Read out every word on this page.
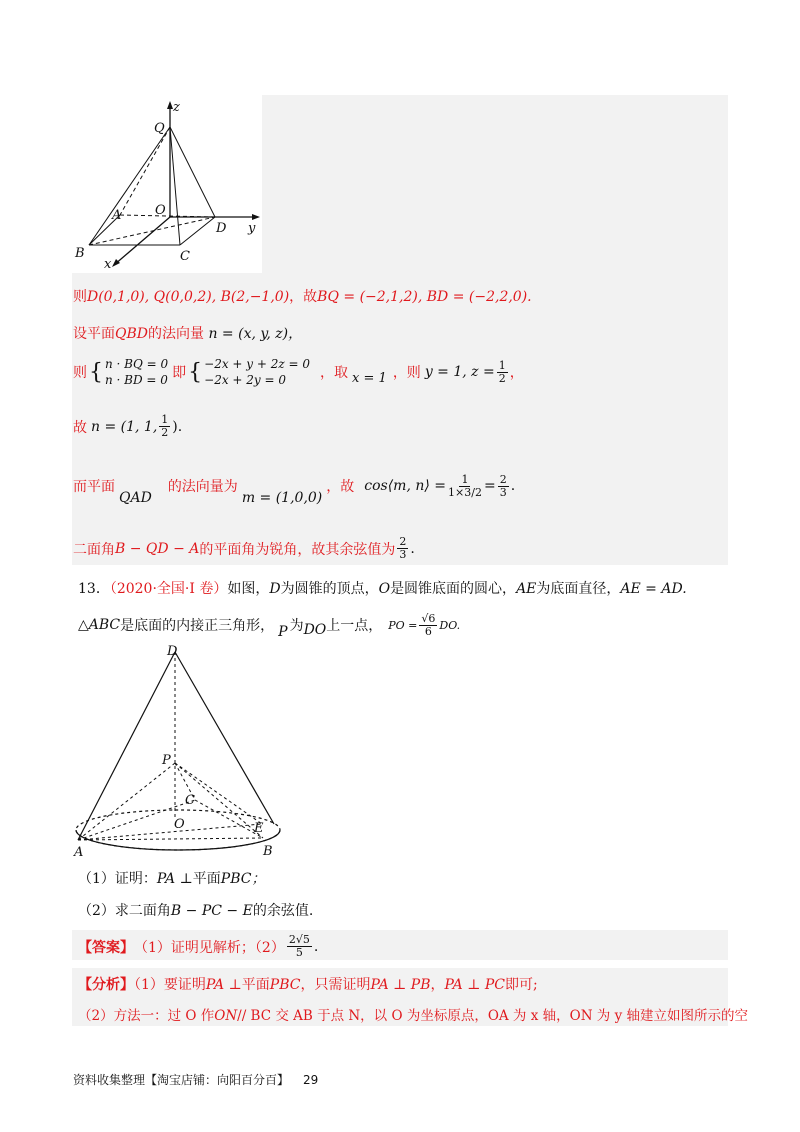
z
Q
A	O
D y
B	C
x
则D(0,1,0), Q(0,0,2), B(2,−1,0)，故BQ = (−2,1,2), BD = (−2,2,0).
设平面QBD的法向量 n = (x, y, z)，
则 { n · BQ = 0
n · BD = 0 即 { −2x + y + 2z = 0
−2x + 2y = 0	，取 x = 1 ，则 y = 1, $z = \frac{1}{2}$ ，
故 n = (1, 1, $\frac{1}{2}$ ).
而平面
QAD
的法向量为
m = (1,0,0)
，故 cos⟨m, n⟩ = $\frac{1}{1\times 3/2} = \frac{2}{3}$ .
二面角 B − QD − A 的平面角为锐角，故其余弦值为 $\frac{2}{3}$ .
13．（2020·全国·Ⅰ 卷）如图，D为圆锥的顶点，O是圆锥底面的圆心，AE为底面直径，AE = AD.
△ABC 是底面的内接正三角形， P 为 DO 上一点， PO = $\frac{√6}{6}$ DO.
D
P
C
O	E
A	B
（1）证明：PA ⊥平面PBC；
（2）求二面角B − PC − E的余弦值.
【答案】 （1）证明见解析；$(2) \frac{2√5}{5}$ .
【分析】（1）要证明PA ⊥平面PBC，只需证明PA ⊥ PB，PA ⊥ PC即可;
（2）方法一：过 O 作ON// BC 交 AB 于点 N，以 O 为坐标原点，OA 为 x 轴，ON 为 y 轴建立如图所示的空
资料收集整理【淘宝店铺：向阳百分百】 29
